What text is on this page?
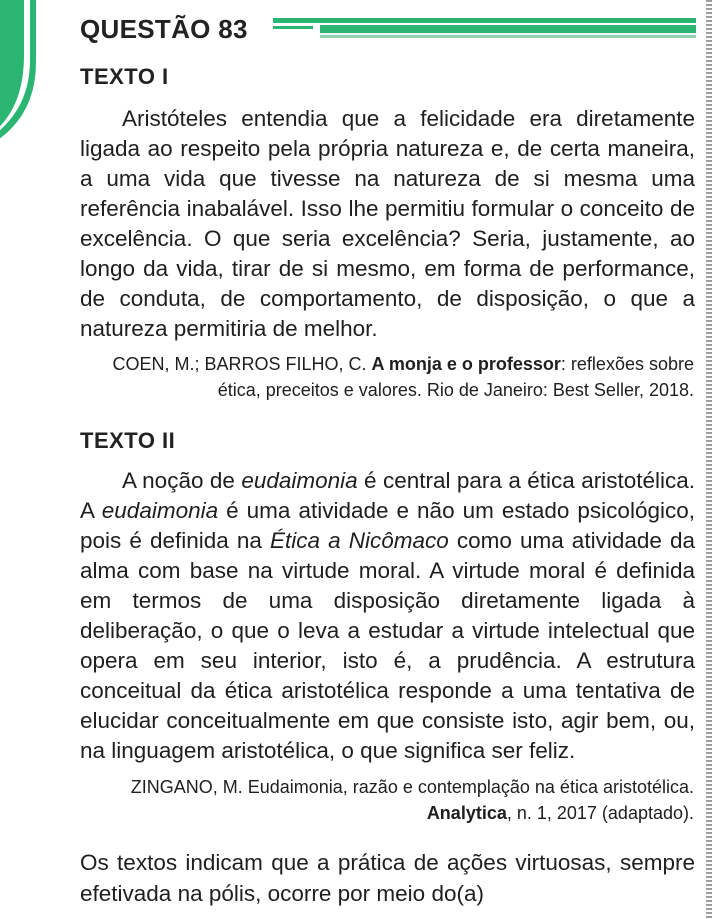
QUESTÃO 83
TEXTO I
Aristóteles entendia que a felicidade era diretamente ligada ao respeito pela própria natureza e, de certa maneira, a uma vida que tivesse na natureza de si mesma uma referência inabalável. Isso lhe permitiu formular o conceito de excelência. O que seria excelência? Seria, justamente, ao longo da vida, tirar de si mesmo, em forma de performance, de conduta, de comportamento, de disposição, o que a natureza permitiria de melhor.
COEN, M.; BARROS FILHO, C. A monja e o professor: reflexões sobre ética, preceitos e valores. Rio de Janeiro: Best Seller, 2018.
TEXTO II
A noção de eudaimonia é central para a ética aristotélica. A eudaimonia é uma atividade e não um estado psicológico, pois é definida na Ética a Nicômaco como uma atividade da alma com base na virtude moral. A virtude moral é definida em termos de uma disposição diretamente ligada à deliberação, o que o leva a estudar a virtude intelectual que opera em seu interior, isto é, a prudência. A estrutura conceitual da ética aristotélica responde a uma tentativa de elucidar conceitualmente em que consiste isto, agir bem, ou, na linguagem aristotélica, o que significa ser feliz.
ZINGANO, M. Eudaimonia, razão e contemplação na ética aristotélica.
Analytica, n. 1, 2017 (adaptado).
Os textos indicam que a prática de ações virtuosas, sempre efetivada na pólis, ocorre por meio do(a)
